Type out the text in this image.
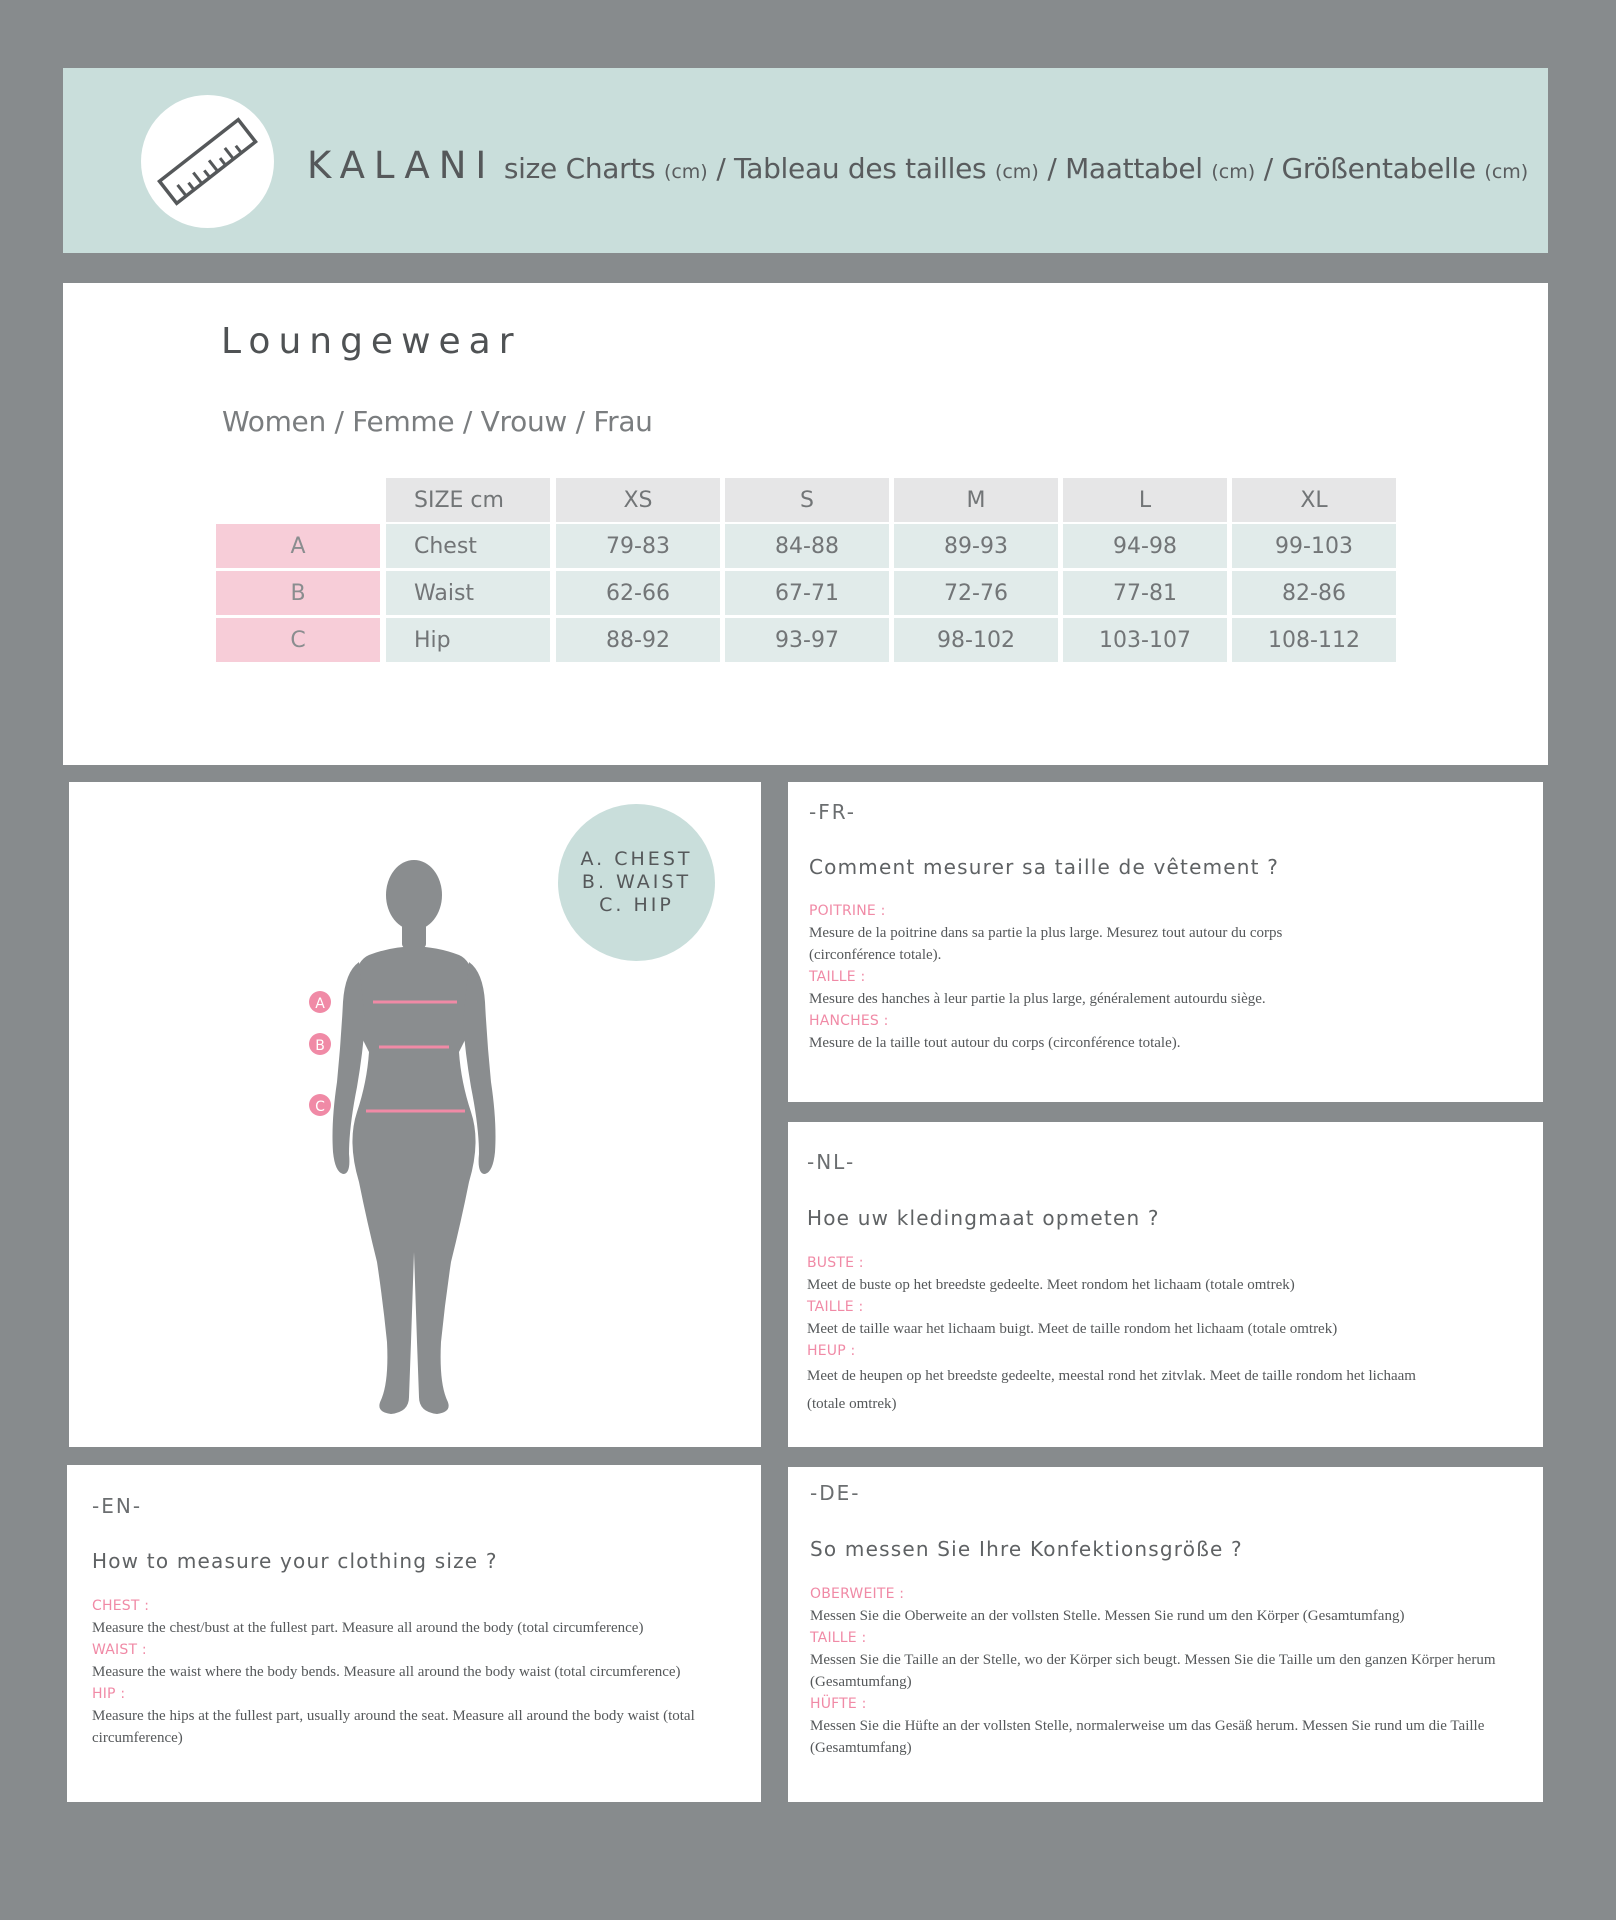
KALANI size Charts (cm) / Tableau des tailles (cm) / Maattabel (cm) / Größentabelle (cm)
Loungewear
Women / Femme / Vrouw / Frau
SIZE cm	XS	S	M	L	XL
A	Chest	79-83	84-88	89-93	94-98	99-103
B	Waist	62-66	67-71	72-76	77-81	82-86
C	Hip	88-92	93-97	98-102	103-107	108-112
A. CHEST
B. WAIST
C. HIP
A
B
C
-FR-
Comment mesurer sa taille de vêtement ?
POITRINE :
Mesure de la poitrine dans sa partie la plus large. Mesurez tout autour du corps (circonférence totale).
TAILLE :
Mesure des hanches à leur partie la plus large, généralement autourdu siège.
HANCHES :
Mesure de la taille tout autour du corps (circonférence totale).
-NL-
Hoe uw kledingmaat opmeten ?
BUSTE :
Meet de buste op het breedste gedeelte. Meet rondom het lichaam (totale omtrek)
TAILLE :
Meet de taille waar het lichaam buigt. Meet de taille rondom het lichaam (totale omtrek)
HEUP :
Meet de heupen op het breedste gedeelte, meestal rond het zitvlak. Meet de taille rondom het lichaam (totale omtrek)
-EN-
How to measure your clothing size ?
CHEST :
Measure the chest/bust at the fullest part. Measure all around the body (total circumference)
WAIST :
Measure the waist where the body bends. Measure all around the body waist (total circumference)
HIP :
Measure the hips at the fullest part, usually around the seat. Measure all around the body waist (total circumference)
-DE-
So messen Sie Ihre Konfektionsgröße ?
OBERWEITE :
Messen Sie die Oberweite an der vollsten Stelle. Messen Sie rund um den Körper (Gesamtumfang)
TAILLE :
Messen Sie die Taille an der Stelle, wo der Körper sich beugt. Messen Sie die Taille um den ganzen Körper herum (Gesamtumfang)
HÜFTE :
Messen Sie die Hüfte an der vollsten Stelle, normalerweise um das Gesäß herum. Messen Sie rund um die Taille (Gesamtumfang)
